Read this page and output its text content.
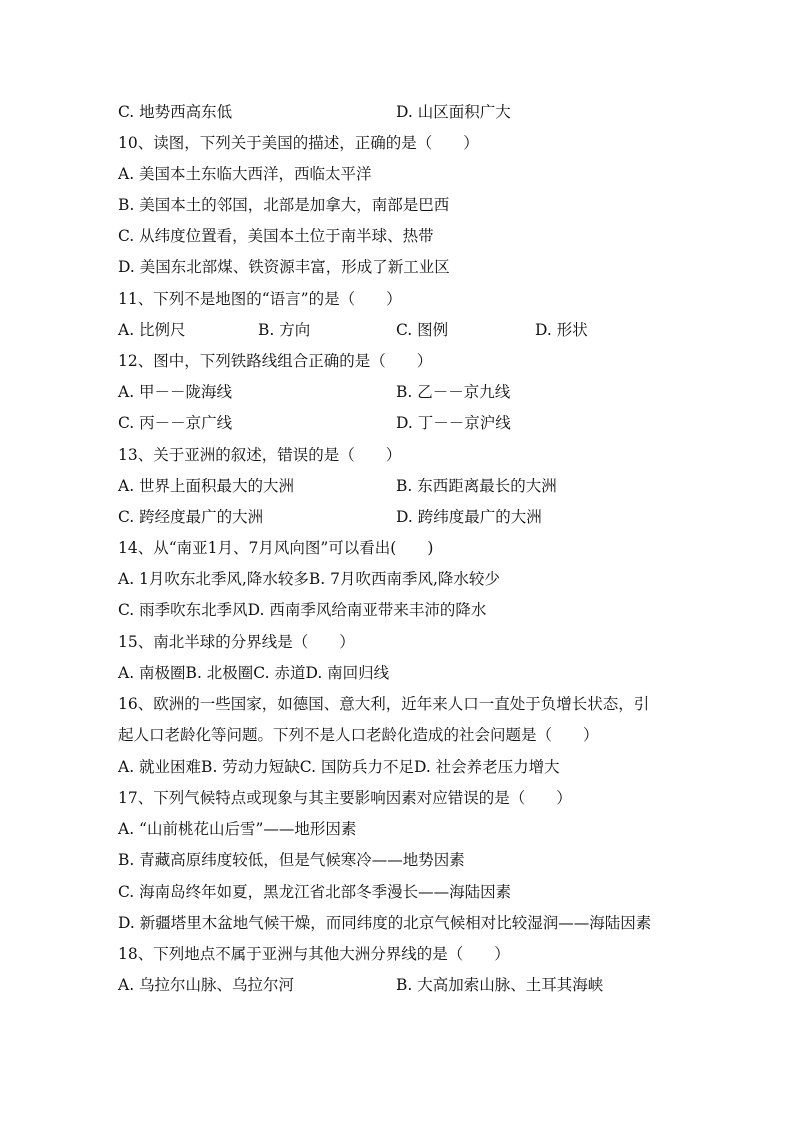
C. 地势西高东低	D. 山区面积广大
10、读图，下列关于美国的描述，正确的是（　　）
A. 美国本土东临大西洋，西临太平洋
B. 美国本土的邻国，北部是加拿大，南部是巴西
C. 从纬度位置看，美国本土位于南半球、热带
D. 美国东北部煤、铁资源丰富，形成了新工业区
11、下列不是地图的“语言”的是（　　）
A. 比例尺	B. 方向	C. 图例	D. 形状
12、图中，下列铁路线组合正确的是（　　）
A. 甲－－陇海线	B. 乙－－京九线
C. 丙－－京广线	D. 丁－－京沪线
13、关于亚洲的叙述，错误的是（　　）
A. 世界上面积最大的大洲	B. 东西距离最长的大洲
C. 跨经度最广的大洲	D. 跨纬度最广的大洲
14、从“南亚1月、7月风向图”可以看出(　　)
A. 1月吹东北季风,降水较多B. 7月吹西南季风,降水较少
C. 雨季吹东北季风D. 西南季风给南亚带来丰沛的降水
15、南北半球的分界线是（　　）
A. 南极圈B. 北极圈C. 赤道D. 南回归线
16、欧洲的一些国家，如德国、意大利，近年来人口一直处于负增长状态，引
起人口老龄化等问题。下列不是人口老龄化造成的社会问题是（　　）
A. 就业困难B. 劳动力短缺C. 国防兵力不足D. 社会养老压力增大
17、下列气候特点或现象与其主要影响因素对应错误的是（　　）
A. “山前桃花山后雪”——地形因素
B. 青藏高原纬度较低，但是气候寒冷——地势因素
C. 海南岛终年如夏，黑龙江省北部冬季漫长——海陆因素
D. 新疆塔里木盆地气候干燥，而同纬度的北京气候相对比较湿润——海陆因素
18、下列地点不属于亚洲与其他大洲分界线的是（　　）
A. 乌拉尔山脉、乌拉尔河	B. 大高加索山脉、土耳其海峡
